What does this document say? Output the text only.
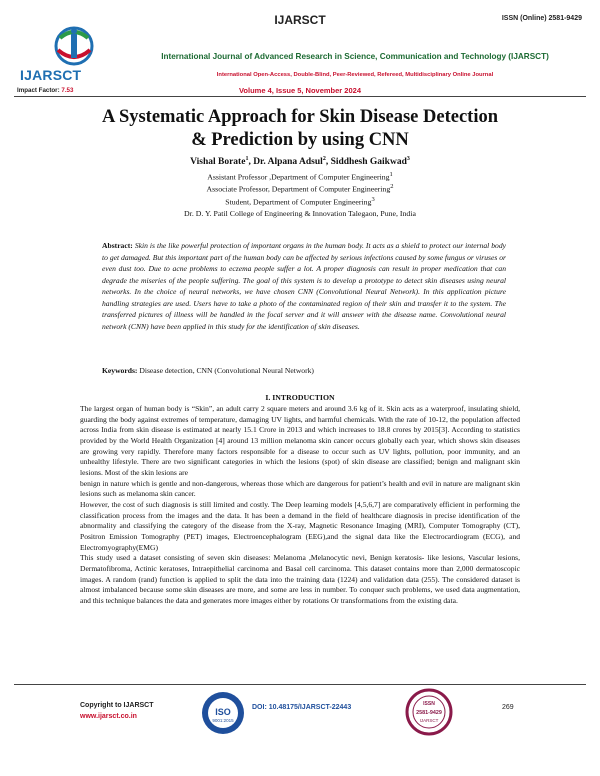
IJARSCT	ISSN (Online) 2581-9429
IJARSCT
International Journal of Advanced Research in Science, Communication and Technology (IJARSCT)
International Open-Access, Double-Blind, Peer-Reviewed, Refereed, Multidisciplinary Online Journal
Impact Factor: 7.53	Volume 4, Issue 5, November 2024
A Systematic Approach for Skin Disease Detection
& Prediction by using CNN
Vishal Borate$^1$, Dr. Alpana Adsul$^2$, Siddhesh Gaikwad$^3$
Assistant Professor ,Department of Computer Engineering$^1$
Associate Professor, Department of Computer Engineering$^2$
Student, Department of Computer Engineering$^3$
Dr. D. Y. Patil College of Engineering & Innovation Talegaon, Pune, India
Abstract: Skin is the like powerful protection of important organs in the human body. It acts as a shield to protect our internal body to get damaged. But this important part of the human body can be affected by serious infections caused by some fungus or viruses or even dust too. Due to acne problems to eczema people suffer a lot. A proper diagnosis can result in proper medication that can degrade the miseries of the people suffering. The goal of this system is to develop a prototype to detect skin diseases using neural networks. In the choice of neural networks, we have chosen CNN (Convolutional Neural Network). In this application picture handling strategies are used. Users have to take a photo of the contaminated region of their skin and transfer it to the system. The transferred pictures of illness will be handled in the focal server and it will answer with the disease name. Convolutional neural network (CNN) have been applied in this study for the identification of skin diseases.
Keywords: Disease detection, CNN (Convolutional Neural Network)
I. INTRODUCTION

The largest organ of human body is “Skin”, an adult carry 2 square meters and around 3.6 kg of it. Skin acts as a waterproof, insulating shield, guarding the body against extremes of temperature, damaging UV lights, and harmful chemicals. With the rate of 10-12, the population affected across India from skin disease is estimated at nearly 15.1 Crore in 2013 and which increases to 18.8 crores by 2015[3]. According to statistics provided by the World Health Organization [4] around 13 million melanoma skin cancer occurs globally each year, which shows skin diseases are growing very rapidly. Therefore many factors responsible for a disease to occur such as UV lights, pollution, poor immunity, and an unhealthy lifestyle. There are two significant categories in which the lesions (spot) of skin disease are classified; benign and malignant skin lesions. Most of the skin lesions are

benign in nature which is gentle and non-dangerous, whereas those which are dangerous for patient’s health and evil in nature are malignant skin lesions such as melanoma skin cancer.

However, the cost of such diagnosis is still limited and costly. The Deep learning models [4,5,6,7] are comparatively efficient in performing the classification process from the images and the data. It has been a demand in the field of healthcare diagnosis in precise identification of the abnormality and classifying the category of the disease from the X-ray, Magnetic Resonance Imaging (MRI), Computer Tomography (CT), Positron Emission Tomography (PET) images, Electroencephalogram (EEG),and the signal data like the Electrocardiogram (ECG), and Electromyography(EMG)

This study used a dataset consisting of seven skin diseases: Melanoma ,Melanocytic nevi, Benign keratosis- like lesions, Vascular lesions, Dermatofibroma, Actinic keratoses, Intraepithelial carcinoma and Basal cell carcinoma. This dataset contains more than 2,000 dermatoscopic images. A random (rand) function is applied to split the data into the training data (1224) and validation data (255). The considered dataset is almost imbalanced because some skin diseases are more, and some are less in number. To conquer such problems, we used data augmentation, and this technique balances the data and generates more images either by rotations Or transformations from the existing data.

Copyright to IJARSCT
www.ijarsct.co.in	ISO
9001:2015
DOI: 10.48175/IJARSCT-22443	ISSN
2581-9429
IJARSCT
269
